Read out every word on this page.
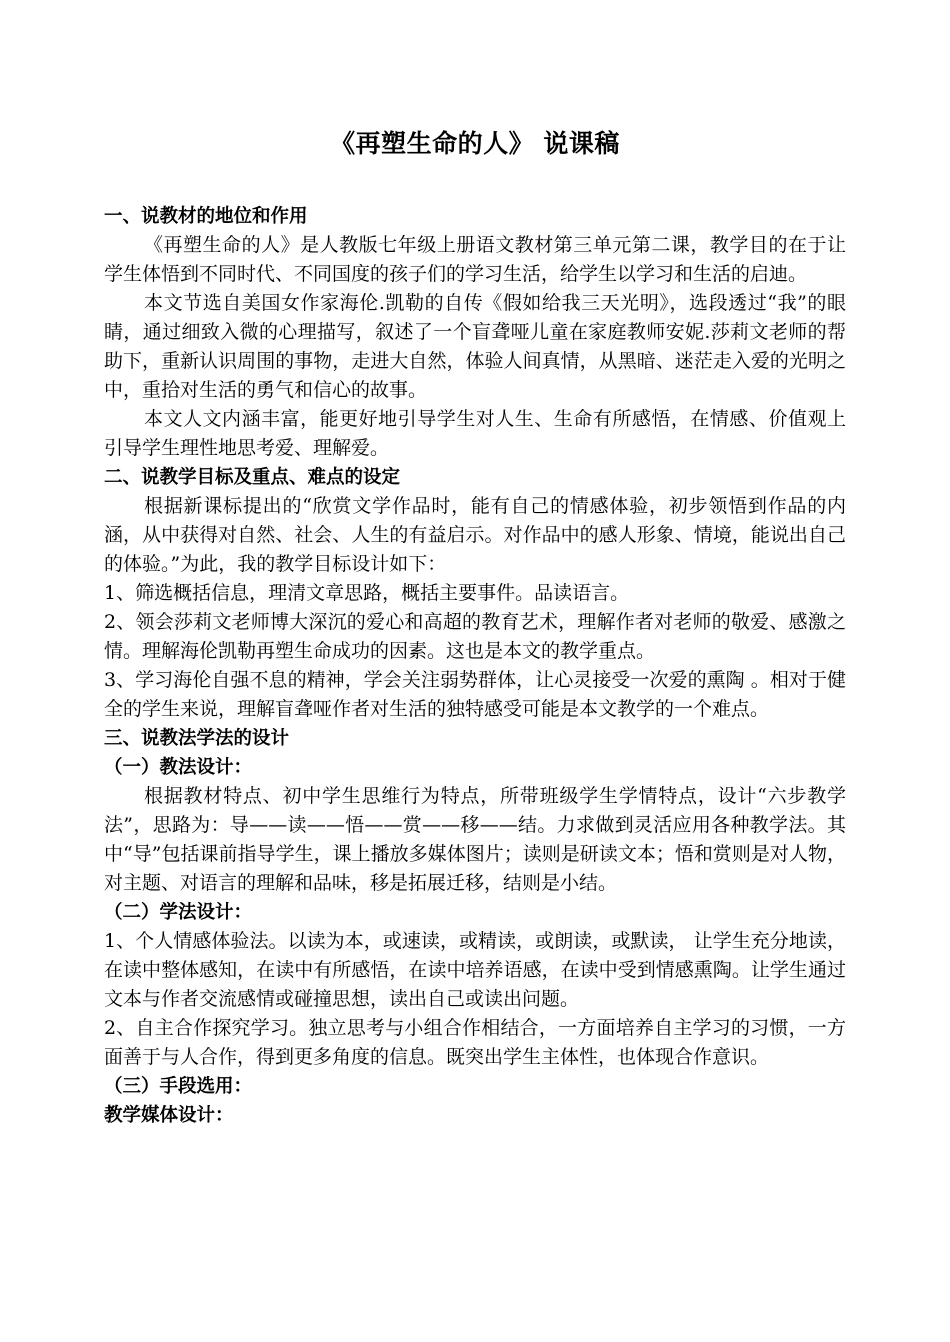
《再塑生命的人》 说课稿

一、说教材的地位和作用

《再塑生命的人》是人教版七年级上册语文教材第三单元第二课，教学目的在于让学生体悟到不同时代、不同国度的孩子们的学习生活，给学生以学习和生活的启迪。

本文节选自美国女作家海伦.凯勒的自传《假如给我三天光明》，选段透过“我”的眼睛，通过细致入微的心理描写，叙述了一个盲聋哑儿童在家庭教师安妮.莎莉文老师的帮助下，重新认识周围的事物，走进大自然，体验人间真情，从黑暗、迷茫走入爱的光明之中，重拾对生活的勇气和信心的故事。

本文人文内涵丰富，能更好地引导学生对人生、生命有所感悟，在情感、价值观上引导学生理性地思考爱、理解爱。

二、说教学目标及重点、难点的设定

根据新课标提出的“欣赏文学作品时，能有自己的情感体验，初步领悟到作品的内涵，从中获得对自然、社会、人生的有益启示。对作品中的感人形象、情境，能说出自己的体验。”为此，我的教学目标设计如下：

1、筛选概括信息，理清文章思路，概括主要事件。品读语言。

2、领会莎莉文老师博大深沉的爱心和高超的教育艺术，理解作者对老师的敬爱、感激之情。理解海伦凯勒再塑生命成功的因素。这也是本文的教学重点。

3、学习海伦自强不息的精神，学会关注弱势群体，让心灵接受一次爱的熏陶 。相对于健全的学生来说，理解盲聋哑作者对生活的独特感受可能是本文教学的一个难点。

三、说教法学法的设计

（一）教法设计：

根据教材特点、初中学生思维行为特点，所带班级学生学情特点，设计“六步教学法”，思路为：导——读——悟——赏——移——结。力求做到灵活应用各种教学法。其中“导”包括课前指导学生，课上播放多媒体图片；读则是研读文本；悟和赏则是对人物，对主题、对语言的理解和品味，移是拓展迁移，结则是小结。

（二）学法设计：

1、个人情感体验法。以读为本，或速读，或精读，或朗读，或默读， 让学生充分地读，在读中整体感知，在读中有所感悟，在读中培养语感，在读中受到情感熏陶。让学生通过文本与作者交流感情或碰撞思想，读出自己或读出问题。

2、自主合作探究学习。独立思考与小组合作相结合，一方面培养自主学习的习惯，一方面善于与人合作，得到更多角度的信息。既突出学生主体性，也体现合作意识。

（三）手段选用：

教学媒体设计：
